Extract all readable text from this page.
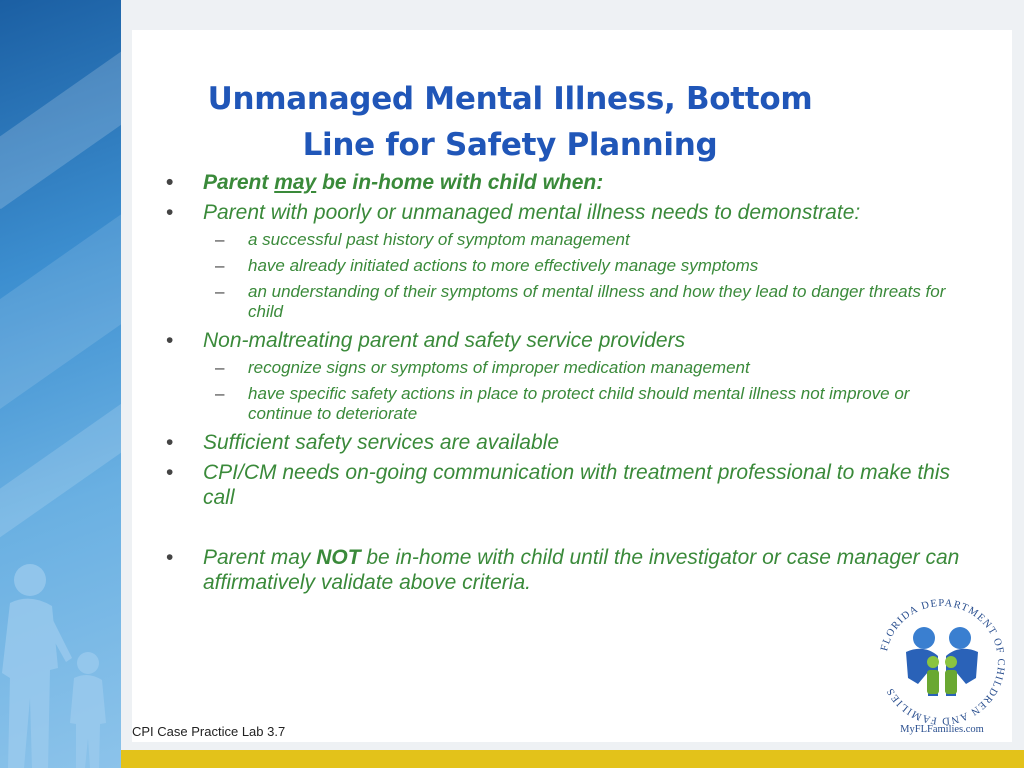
Unmanaged Mental Illness, Bottom
Line for Safety Planning
• Parent may be in-home with child when:
• Parent with poorly or unmanaged mental illness needs to demonstrate:
– a successful past history of symptom management
– have already initiated actions to more effectively manage symptoms
– an understanding of their symptoms of mental illness and how they lead to danger threats for child
• Non-maltreating parent and safety service providers
– recognize signs or symptoms of improper medication management
– have specific safety actions in place to protect child should mental illness not improve or continue to deteriorate
• Sufficient safety services are available
• CPI/CM needs on-going communication with treatment professional to make this call
• Parent may NOT be in-home with child until the investigator or case manager can affirmatively validate above criteria.
CPI Case Practice Lab 3.7
FLORIDA DEPARTMENT OF CHILDREN AND FAMILIES
MyFLFamilies.com
